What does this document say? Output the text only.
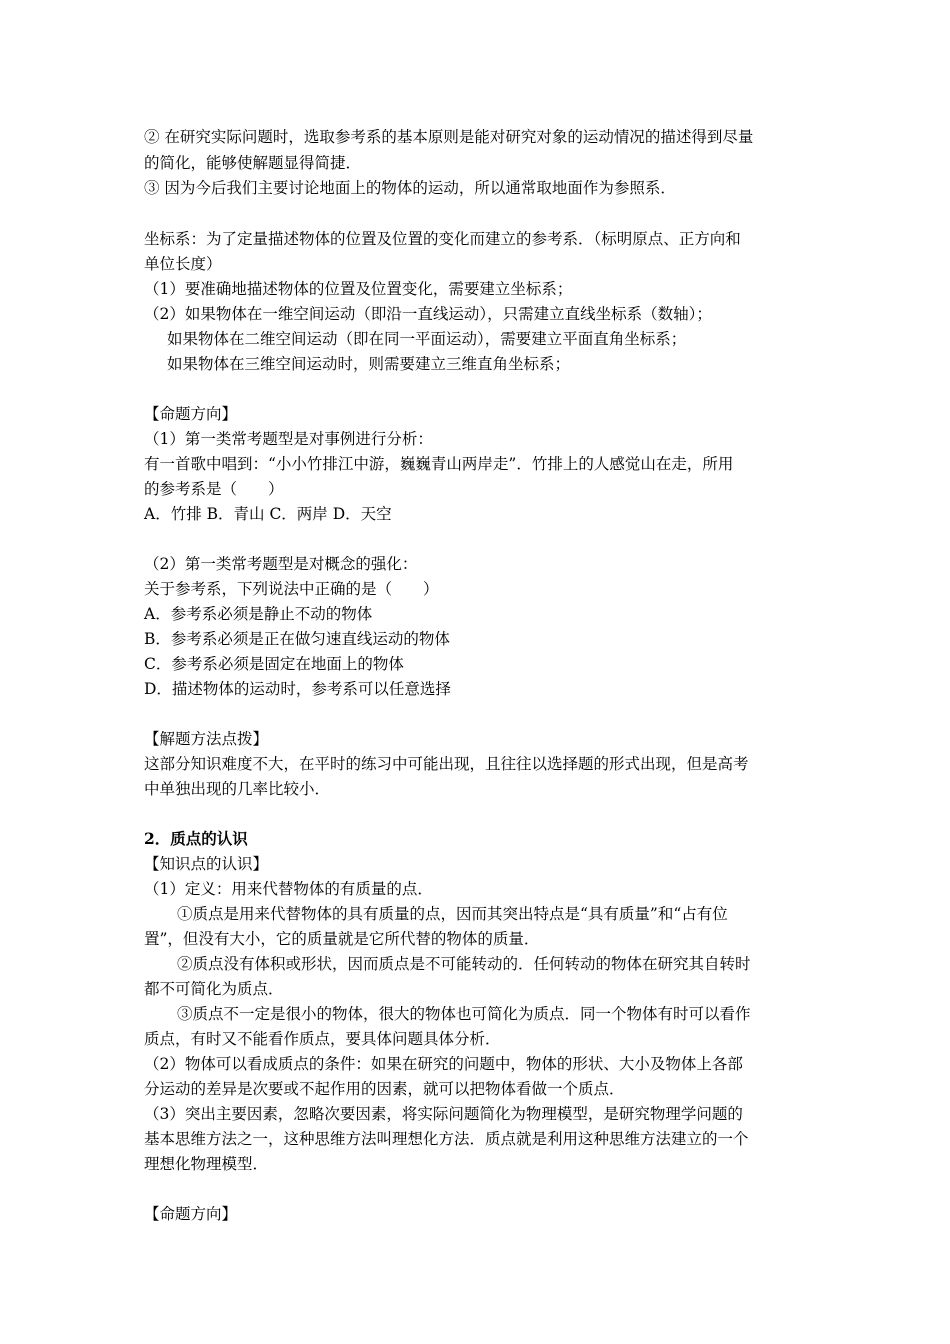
② 在研究实际问题时，选取参考系的基本原则是能对研究对象的运动情况的描述得到尽量

的简化，能够使解题显得简捷．

③ 因为今后我们主要讨论地面上的物体的运动，所以通常取地面作为参照系．

坐标系：为了定量描述物体的位置及位置的变化而建立的参考系．（标明原点、正方向和

单位长度）

（1）要准确地描述物体的位置及位置变化，需要建立坐标系；

（2）如果物体在一维空间运动（即沿一直线运动），只需建立直线坐标系（数轴）；

如果物体在二维空间运动（即在同一平面运动），需要建立平面直角坐标系；

如果物体在三维空间运动时，则需要建立三维直角坐标系；

【命题方向】

（1）第一类常考题型是对事例进行分析：

有一首歌中唱到：“小小竹排江中游，巍巍青山两岸走”．竹排上的人感觉山在走，所用

的参考系是（　　）

A．竹排 B．青山 C．两岸 D．天空

（2）第一类常考题型是对概念的强化：

关于参考系，下列说法中正确的是（　　）

A．参考系必须是静止不动的物体

B．参考系必须是正在做匀速直线运动的物体

C．参考系必须是固定在地面上的物体

D．描述物体的运动时，参考系可以任意选择

【解题方法点拨】

这部分知识难度不大，在平时的练习中可能出现，且往往以选择题的形式出现，但是高考

中单独出现的几率比较小．

2．质点的认识

【知识点的认识】

（1）定义：用来代替物体的有质量的点．

①质点是用来代替物体的具有质量的点，因而其突出特点是“具有质量”和“占有位

置”，但没有大小，它的质量就是它所代替的物体的质量．

②质点没有体积或形状，因而质点是不可能转动的．任何转动的物体在研究其自转时

都不可简化为质点．

③质点不一定是很小的物体，很大的物体也可简化为质点．同一个物体有时可以看作

质点，有时又不能看作质点，要具体问题具体分析．

（2）物体可以看成质点的条件：如果在研究的问题中，物体的形状、大小及物体上各部

分运动的差异是次要或不起作用的因素，就可以把物体看做一个质点．

（3）突出主要因素，忽略次要因素，将实际问题简化为物理模型，是研究物理学问题的

基本思维方法之一，这种思维方法叫理想化方法．质点就是利用这种思维方法建立的一个

理想化物理模型．

【命题方向】
